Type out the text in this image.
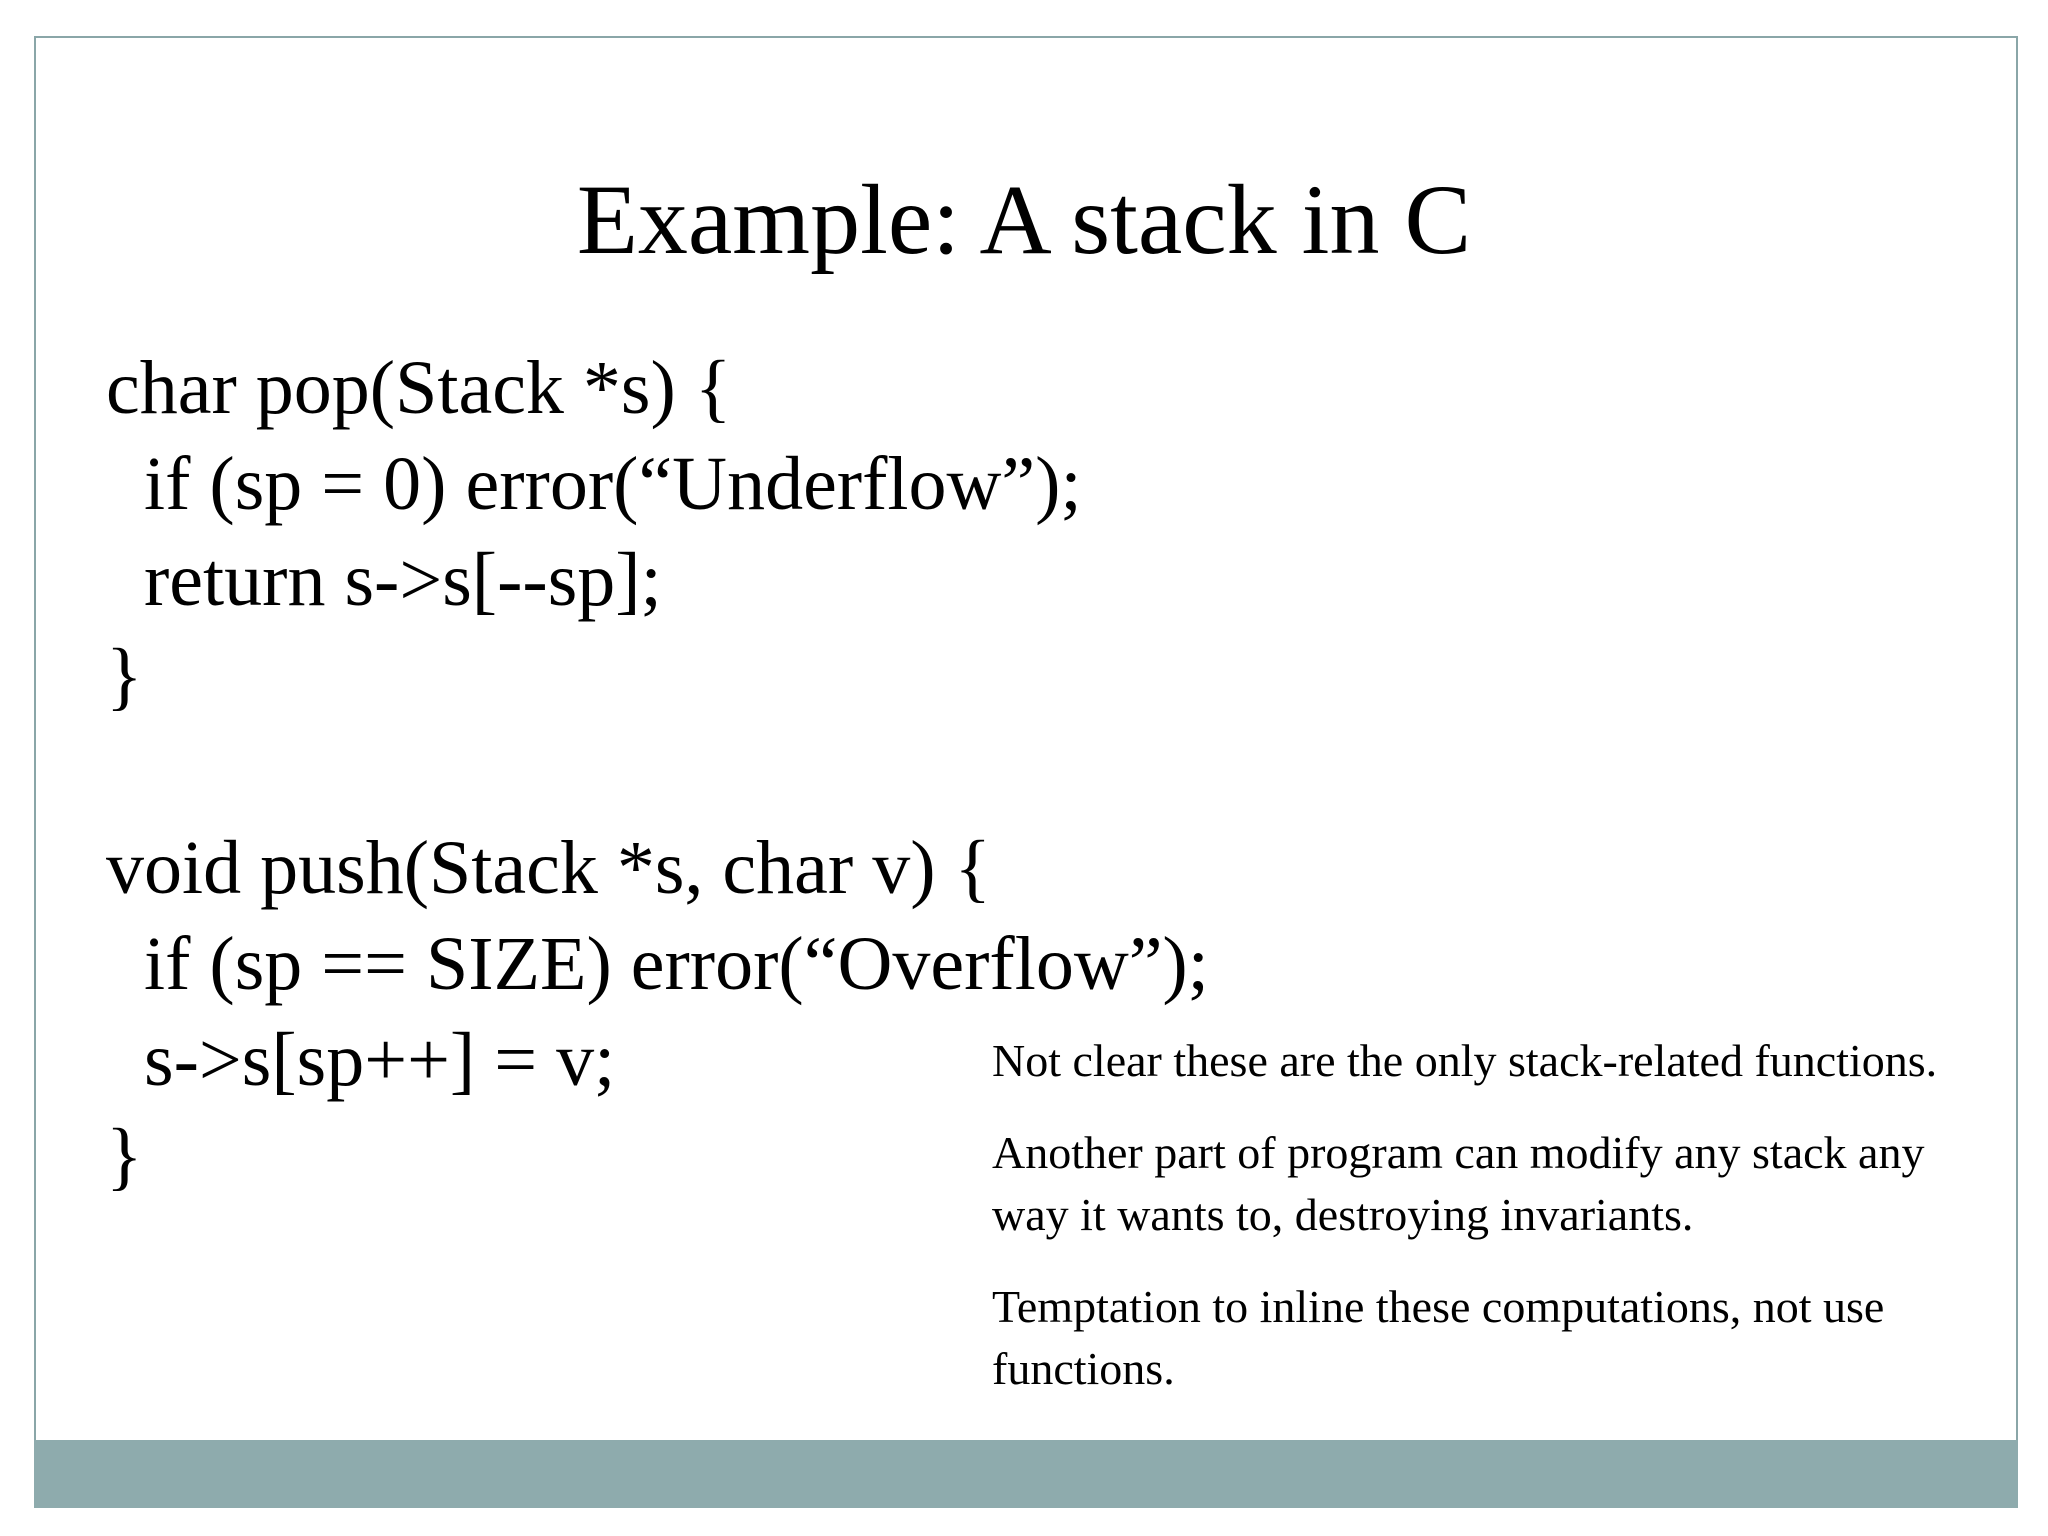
Example: A stack in C
char pop(Stack *s) {
if (sp = 0) error(“Underflow”);
return s->s[--sp];
}
void push(Stack *s, char v) {
if (sp == SIZE) error(“Overflow”);
s->s[sp++] = v;
}

Not clear these are the only stack-related functions.

Another part of program can modify any stack any way it wants to, destroying invariants.

Temptation to inline these computations, not use functions.
